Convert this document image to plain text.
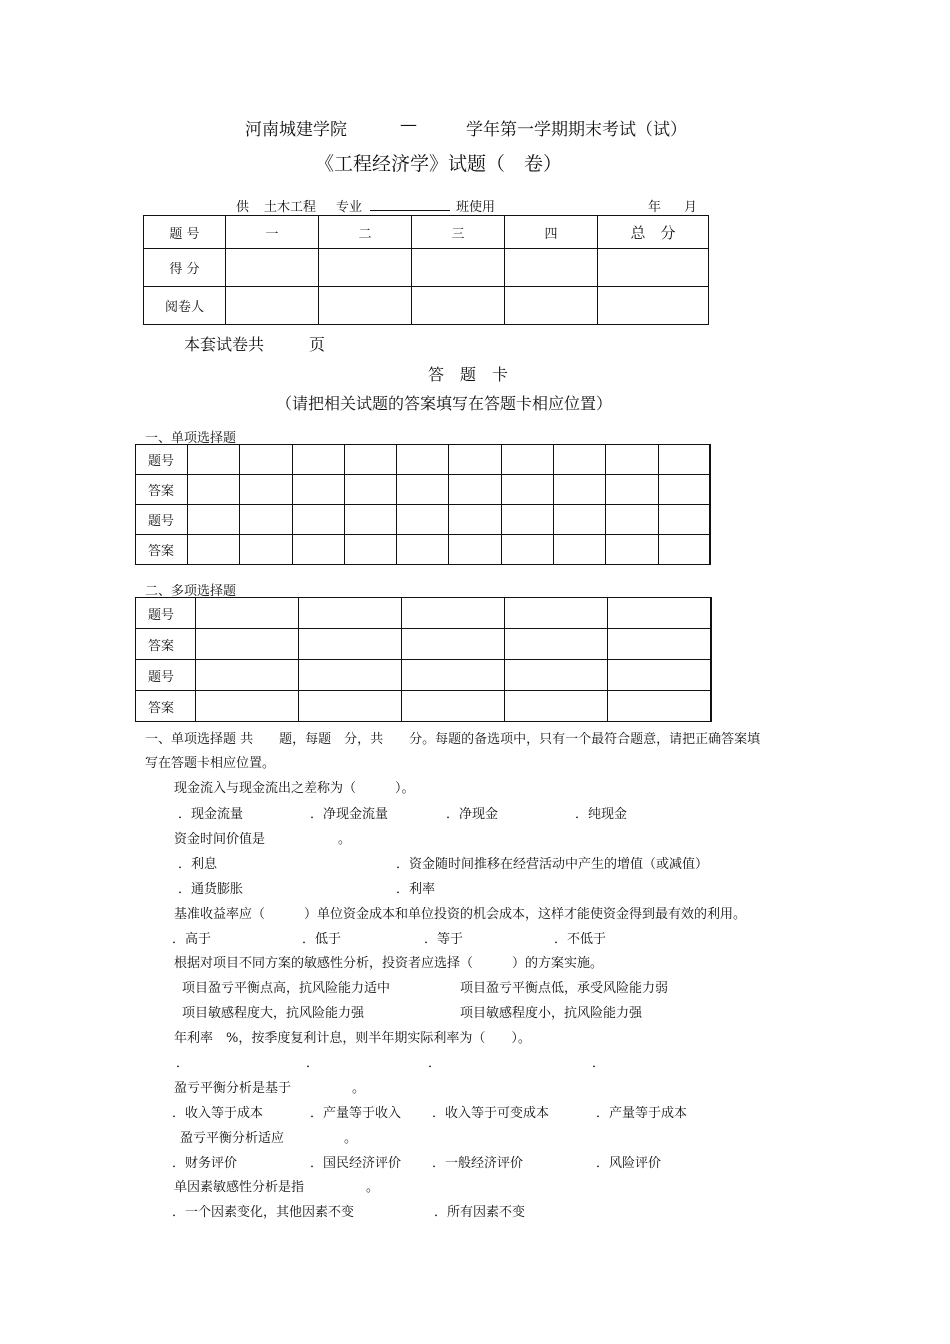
河南城建学院	—	学年第一学期期末考试（试）
《工程经济学》试题（　卷）
供	土木工程	专业	班使用	年 月
题 号	一	二	三	四	总　分
得 分					
阅卷人					
本套试卷共	页
答　题　卡
（请把相关试题的答案填写在答题卡相应位置）
一、单项选择题
题号										
答案										
题号										
答案										
二、多项选择题
题号					
答案					
题号					
答案					
一、单项选择题 共　　题，每题　分，共　　分。每题的备选项中，只有一个最符合题意，请把正确答案填
写在答题卡相应位置。
现金流入与现金流出之差称为（　　　）。
．现金流量	．净现金流量	．净现金	．纯现金
资金时间价值是	。
．利息	．资金随时间推移在经营活动中产生的增值（或减值）
．通货膨胀	．利率
基准收益率应（　　　）单位资金成本和单位投资的机会成本，这样才能使资金得到最有效的利用。
．高于	．低于	．等于	．不低于
根据对项目不同方案的敏感性分析，投资者应选择（　　　）的方案实施。
项目盈亏平衡点高，抗风险能力适中	项目盈亏平衡点低，承受风险能力弱
项目敏感程度大，抗风险能力强	项目敏感程度小，抗风险能力强
年利率　%，按季度复利计息，则半年期实际利率为（　　）。
．	．	．	．
盈亏平衡分析是基于	。
．收入等于成本	．产量等于收入 ．收入等于可变成本	．产量等于成本
盈亏平衡分析适应	。
．财务评价	．国民经济评价 ．一般经济评价	．风险评价
单因素敏感性分析是指	。
．一个因素变化，其他因素不变	．所有因素不变
